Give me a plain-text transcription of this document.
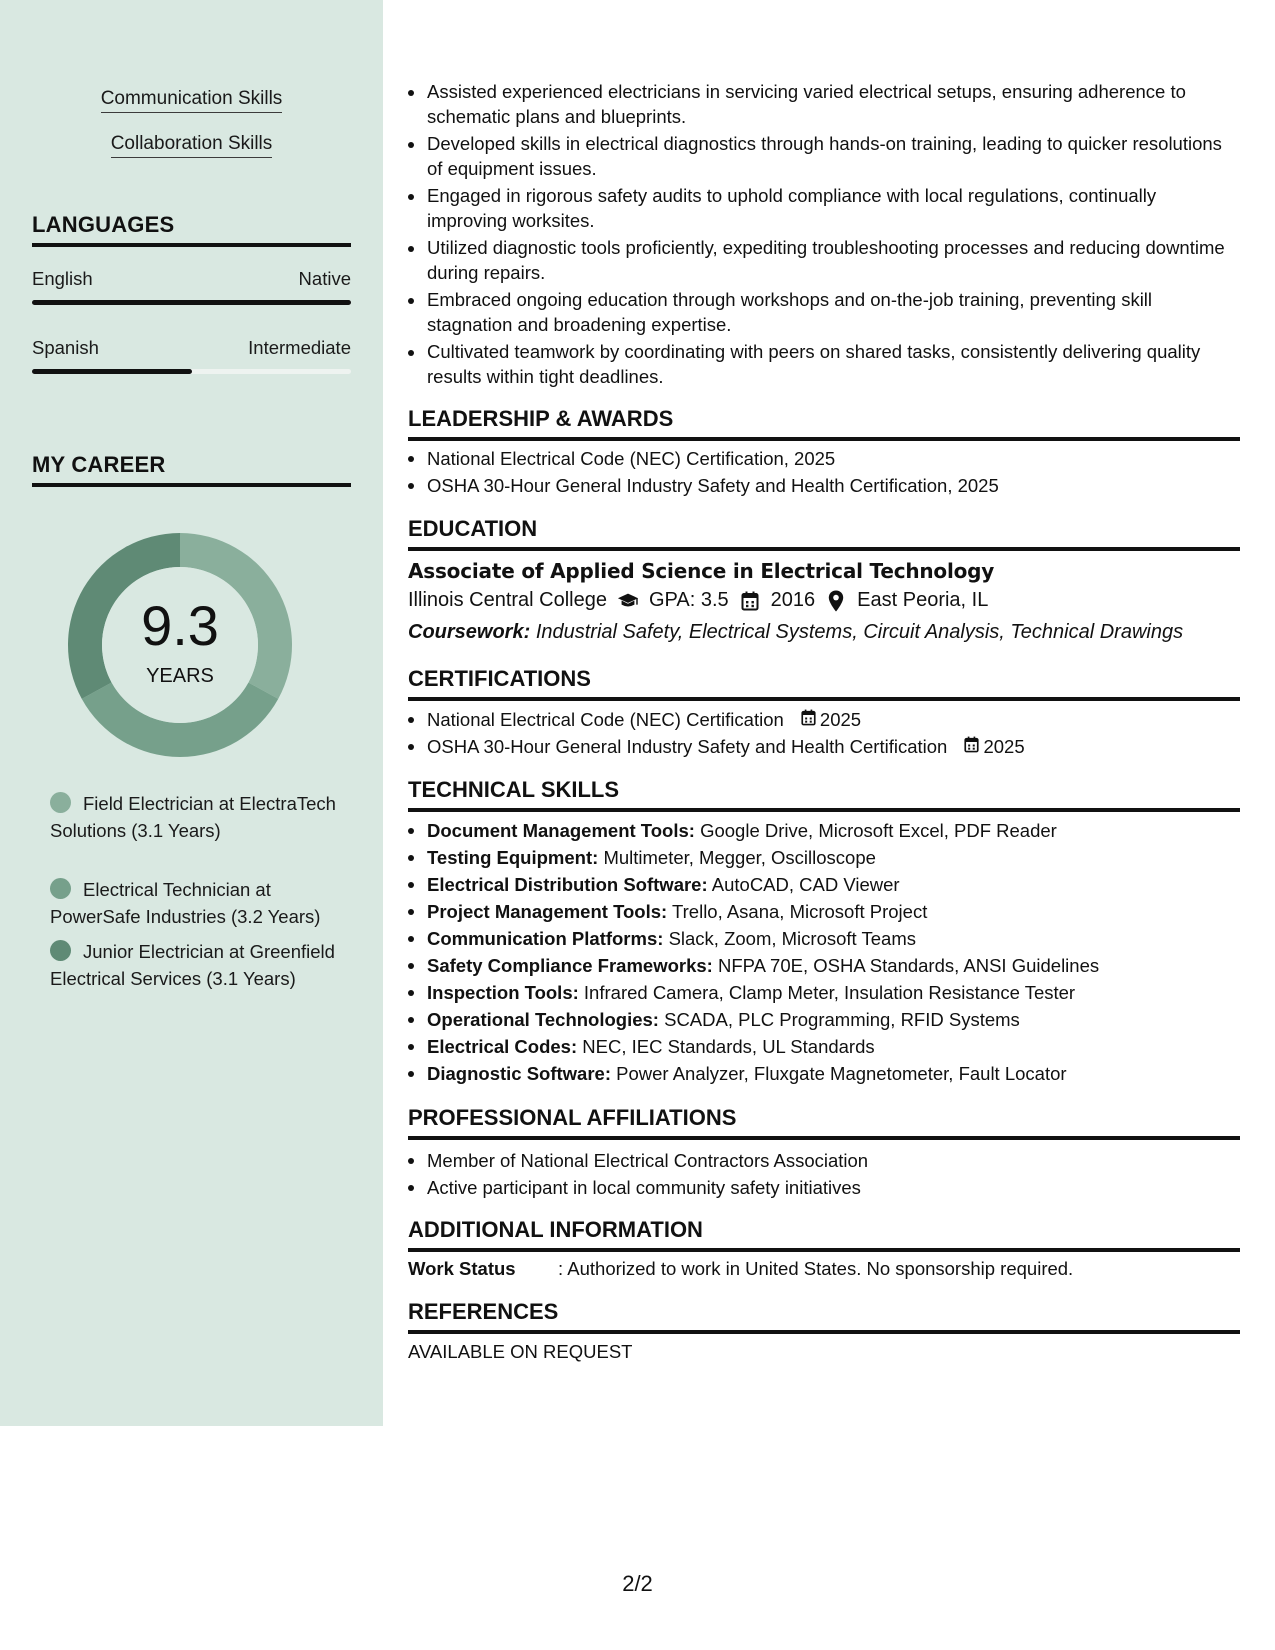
Communication Skills
Collaboration Skills
LANGUAGES
English	Native
Spanish	Intermediate
MY CAREER
9.3
YEARS
Field Electrician at ElectraTech Solutions (3.1 Years)
Electrical Technician at PowerSafe Industries (3.2 Years)
Junior Electrician at Greenfield Electrical Services (3.1 Years)
Assisted experienced electricians in servicing varied electrical setups, ensuring adherence to schematic plans and blueprints.
Developed skills in electrical diagnostics through hands-on training, leading to quicker resolutions of equipment issues.
Engaged in rigorous safety audits to uphold compliance with local regulations, continually improving worksites.
Utilized diagnostic tools proficiently, expediting troubleshooting processes and reducing downtime during repairs.
Embraced ongoing education through workshops and on-the-job training, preventing skill stagnation and broadening expertise.
Cultivated teamwork by coordinating with peers on shared tasks, consistently delivering quality results within tight deadlines.
LEADERSHIP & AWARDS
National Electrical Code (NEC) Certification, 2025
OSHA 30-Hour General Industry Safety and Health Certification, 2025
EDUCATION
Associate of Applied Science in Electrical Technology
Illinois Central College GPA: 3.5 2016 East Peoria, IL
Coursework: Industrial Safety, Electrical Systems, Circuit Analysis, Technical Drawings
CERTIFICATIONS
National Electrical Code (NEC) Certification 2025
OSHA 30-Hour General Industry Safety and Health Certification 2025
TECHNICAL SKILLS
Document Management Tools: Google Drive, Microsoft Excel, PDF Reader
Testing Equipment: Multimeter, Megger, Oscilloscope
Electrical Distribution Software: AutoCAD, CAD Viewer
Project Management Tools: Trello, Asana, Microsoft Project
Communication Platforms: Slack, Zoom, Microsoft Teams
Safety Compliance Frameworks: NFPA 70E, OSHA Standards, ANSI Guidelines
Inspection Tools: Infrared Camera, Clamp Meter, Insulation Resistance Tester
Operational Technologies: SCADA, PLC Programming, RFID Systems
Electrical Codes: NEC, IEC Standards, UL Standards
Diagnostic Software: Power Analyzer, Fluxgate Magnetometer, Fault Locator
PROFESSIONAL AFFILIATIONS
Member of National Electrical Contractors Association
Active participant in local community safety initiatives
ADDITIONAL INFORMATION
Work Status : Authorized to work in United States. No sponsorship required.
REFERENCES
AVAILABLE ON REQUEST
2/2
